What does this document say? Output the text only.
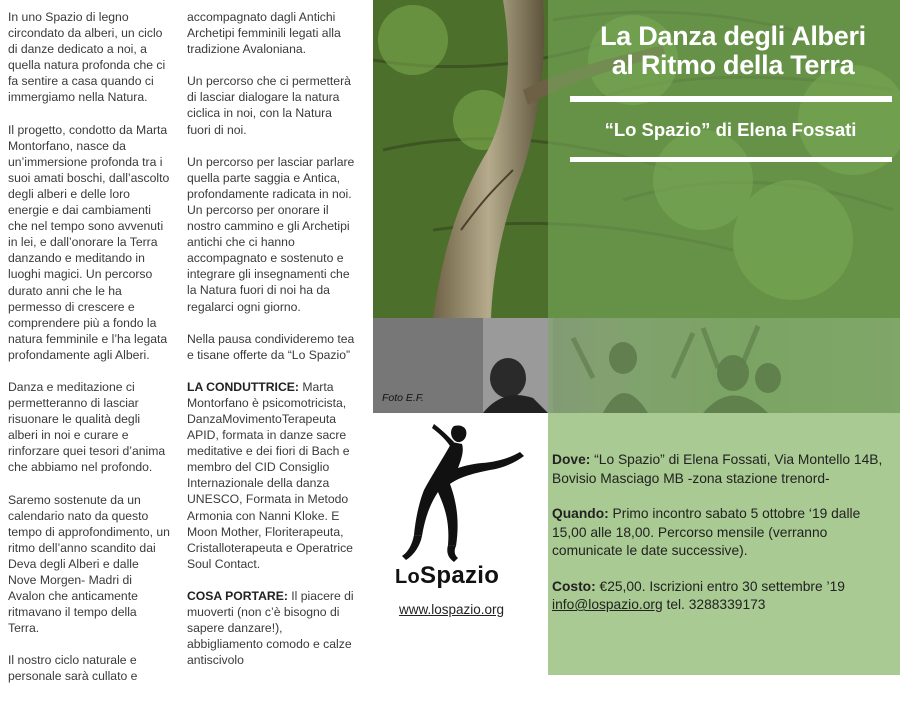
In uno Spazio di legno circondato da alberi, un ciclo di danze dedicato a noi, a quella natura profonda che ci fa sentire a casa quando ci immergiamo nella Natura.

Il progetto, condotto da Marta Montorfano, nasce da un’immersione profonda tra i suoi amati boschi, dall’ascolto degli alberi e delle loro energie e dai cambiamenti che nel tempo sono avvenuti in lei, e dall’onorare la Terra danzando e meditando in luoghi magici. Un percorso durato anni che le ha permesso di crescere e comprendere più a fondo la natura femminile e l’ha legata profondamente agli Alberi.

Danza e meditazione ci permetteranno di lasciar risuonare le qualità degli alberi in noi e curare e rinforzare quei tesori d’anima che abbiamo nel profondo.

Saremo sostenute da un calendario nato da questo tempo di approfondimento, un ritmo dell’anno scandito dai Deva degli Alberi e dalle Nove Morgen- Madri di Avalon che anticamente ritmavano il tempo della Terra.

Il nostro ciclo naturale e personale sarà cullato e

accompagnato dagli Antichi Archetipi femminili legati alla tradizione Avaloniana.

Un percorso che ci permetterà di lasciar dialogare la natura ciclica in noi, con la Natura fuori di noi.

Un percorso per lasciar parlare quella parte saggia e Antica, profondamente radicata in noi. Un percorso per onorare il nostro cammino e gli Archetipi antichi che ci hanno accompagnato e sostenuto e integrare gli insegnamenti che la Natura fuori di noi ha da regalarci ogni giorno.

Nella pausa condivideremo tea e tisane offerte da “Lo Spazio”

LA CONDUTTRICE: Marta Montorfano è psicomotricista, DanzaMovimentoTerapeuta APID, formata in danze sacre meditative e dei fiori di Bach e membro del CID Consiglio Internazionale della danza UNESCO, Formata in Metodo Armonia con Nanni Kloke. E Moon Mother, Floriterapeuta, Cristalloterapeuta e Operatrice Soul Contact.

COSA PORTARE: Il piacere di muoverti (non c’è bisogno di sapere danzare!), abbigliamento comodo e calze antiscivolo

La Danza degli Alberi
al Ritmo della Terra
“Lo Spazio” di Elena Fossati
Foto E.F.
LoSpazio
www.lospazio.org

Dove: “Lo Spazio” di Elena Fossati, Via Montello 14B, Bovisio Masciago MB -zona stazione trenord-

Quando: Primo incontro sabato 5 ottobre ‘19 dalle 15,00 alle 18,00. Percorso mensile (verranno comunicate le date successive).

Costo: €25,00. Iscrizioni entro 30 settembre ’19
info@lospazio.org tel. 3288339173
